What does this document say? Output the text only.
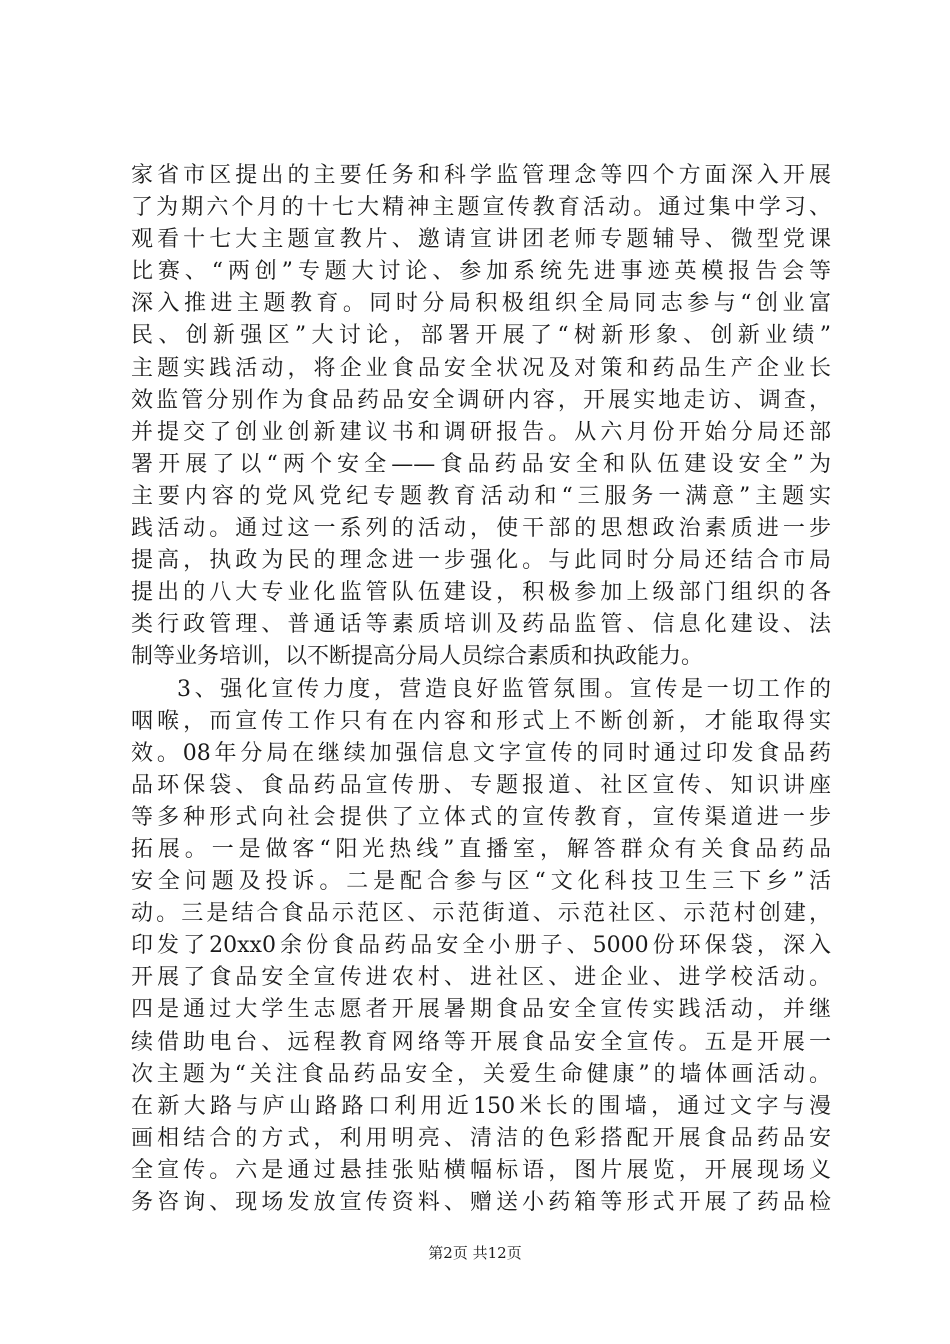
家省市区提出的主要任务和科学监管理念等四个方面深入开展
了为期六个月的十七大精神主题宣传教育活动。通过集中学习、
观看十七大主题宣教片、邀请宣讲团老师专题辅导、微型党课
比赛、“两创”专题大讨论、参加系统先进事迹英模报告会等
深入推进主题教育。同时分局积极组织全局同志参与“创业富
民、创新强区”大讨论，部署开展了“树新形象、创新业绩”
主题实践活动，将企业食品安全状况及对策和药品生产企业长
效监管分别作为食品药品安全调研内容，开展实地走访、调查，
并提交了创业创新建议书和调研报告。从六月份开始分局还部
署开展了以“两个安全——食品药品安全和队伍建设安全”为
主要内容的党风党纪专题教育活动和“三服务一满意”主题实
践活动。通过这一系列的活动，使干部的思想政治素质进一步
提高，执政为民的理念进一步强化。与此同时分局还结合市局
提出的八大专业化监管队伍建设，积极参加上级部门组织的各
类行政管理、普通话等素质培训及药品监管、信息化建设、法
制等业务培训，以不断提高分局人员综合素质和执政能力。
3、强化宣传力度，营造良好监管氛围。宣传是一切工作的
咽喉，而宣传工作只有在内容和形式上不断创新，才能取得实
效。08年分局在继续加强信息文字宣传的同时通过印发食品药
品环保袋、食品药品宣传册、专题报道、社区宣传、知识讲座
等多种形式向社会提供了立体式的宣传教育，宣传渠道进一步
拓展。一是做客“阳光热线”直播室，解答群众有关食品药品
安全问题及投诉。二是配合参与区“文化科技卫生三下乡”活
动。三是结合食品示范区、示范街道、示范社区、示范村创建，
印发了20xx0余份食品药品安全小册子、5000份环保袋，深入
开展了食品安全宣传进农村、进社区、进企业、进学校活动。
四是通过大学生志愿者开展暑期食品安全宣传实践活动，并继
续借助电台、远程教育网络等开展食品安全宣传。五是开展一
次主题为“关注食品药品安全，关爱生命健康”的墙体画活动。
在新大路与庐山路路口利用近150米长的围墙，通过文字与漫
画相结合的方式，利用明亮、清洁的色彩搭配开展食品药品安
全宣传。六是通过悬挂张贴横幅标语，图片展览，开展现场义
务咨询、现场发放宣传资料、赠送小药箱等形式开展了药品检
第2页 共12页
